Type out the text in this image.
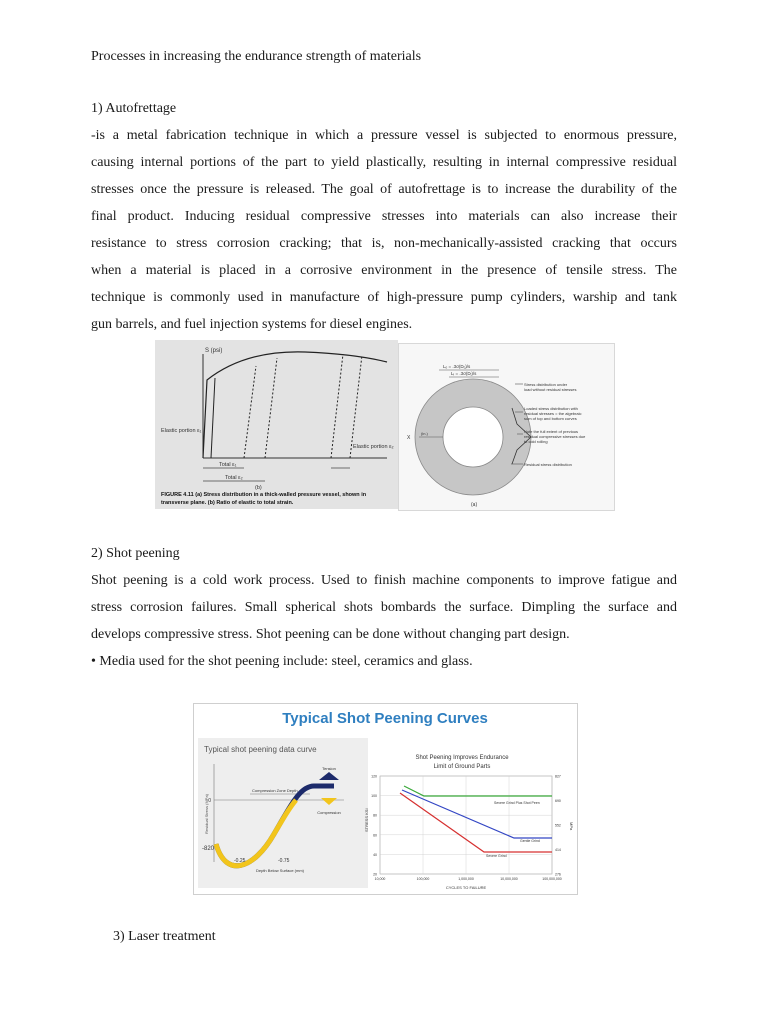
Processes in increasing the endurance strength of materials
1) Autofrettage
-is a metal fabrication technique in which a pressure vessel is subjected to enormous pressure,
causing internal portions of the part to yield plastically, resulting in internal compressive residual
stresses once the pressure is released. The goal of autofrettage is to increase the durability of the
final product. Inducing residual compressive stresses into materials can also increase their
resistance to stress corrosion cracking; that is, non-mechanically-assisted cracking that occurs
when a material is placed in a corrosive environment in the presence of tensile stress. The
technique is commonly used in manufacture of high-pressure pump cylinders, warship and tank
gun barrels, and fuel injection systems for diesel engines.
S (psi)
Elastic portion ε₁
Elastic portion ε₂
Total ε₁
Total ε₂
(b)
FIGURE 4.11 (a) Stress distribution in a thick-walled pressure vessel, shown in
transverse plane. (b) Ratio of elastic to total strain.
Lₒ = .3σ(Dₒ)/s
Lᵢ = .3σ(Dᵢ)/s
Stress distribution under
load without residual stresses
Loaded stress distribution with
residual stresses = the algebraic
sum of top and bottom curves
Note the full extent of previous
residual compressive stresses due
to cold rolling
Residual stress distribution
X
(in.)
(a)
2) Shot peening
Shot peening is a cold work process. Used to finish machine components to improve fatigue and
stress corrosion failures. Small spherical shots bombards the surface. Dimpling the surface and
develops compressive stress. Shot peening can be done without changing part design.
• Media used for the shot peening include: steel, ceramics and glass.
Typical Shot Peening Curves
Typical shot peening data curve
Residual Stress (MPa)
Tension
Compression
Compression Zone Depth
0
-820
-0.25	-0.75
Depth Below Surface (mm)
Shot Peening Improves Endurance
Limit of Ground Parts
120
100
80
60
40
20
827
690
552
414
276
10,000	100,000	1,000,000	10,000,000	100,000,000
STRESS KSI	MPa
CYCLES TO FAILURE
Severe Grind Plus Shot Peen
Gentle Grind
Severe Grind
3) Laser treatment
